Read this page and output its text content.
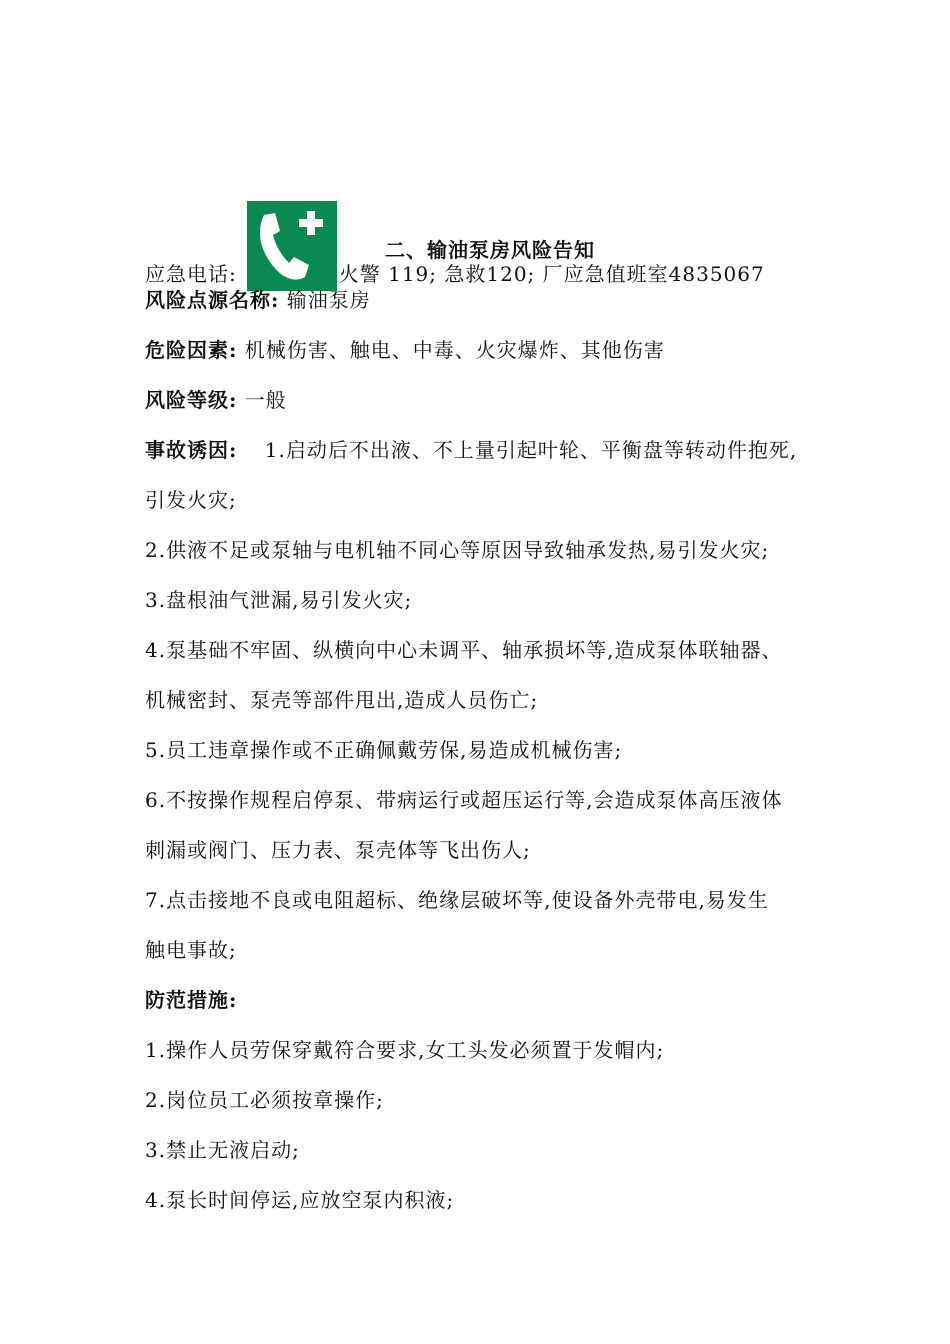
应急电话:	火警 119; 急救120; 厂应急值班室4835067
二、输油泵房风险告知
风险点源名称: 输油泵房
危险因素: 机械伤害、触电、中毒、火灾爆炸、其他伤害
风险等级: 一般
事故诱因: 1.启动后不出液、不上量引起叶轮、平衡盘等转动件抱死,
引发火灾;
2.供液不足或泵轴与电机轴不同心等原因导致轴承发热,易引发火灾;
3.盘根油气泄漏,易引发火灾;
4.泵基础不牢固、纵横向中心未调平、轴承损坏等,造成泵体联轴器、
机械密封、泵壳等部件甩出,造成人员伤亡;
5.员工违章操作或不正确佩戴劳保,易造成机械伤害;
6.不按操作规程启停泵、带病运行或超压运行等,会造成泵体高压液体
刺漏或阀门、压力表、泵壳体等飞出伤人;
7.点击接地不良或电阻超标、绝缘层破坏等,使设备外壳带电,易发生
触电事故;
防范措施:
1.操作人员劳保穿戴符合要求,女工头发必须置于发帽内;
2.岗位员工必须按章操作;
3.禁止无液启动;
4.泵长时间停运,应放空泵内积液;
